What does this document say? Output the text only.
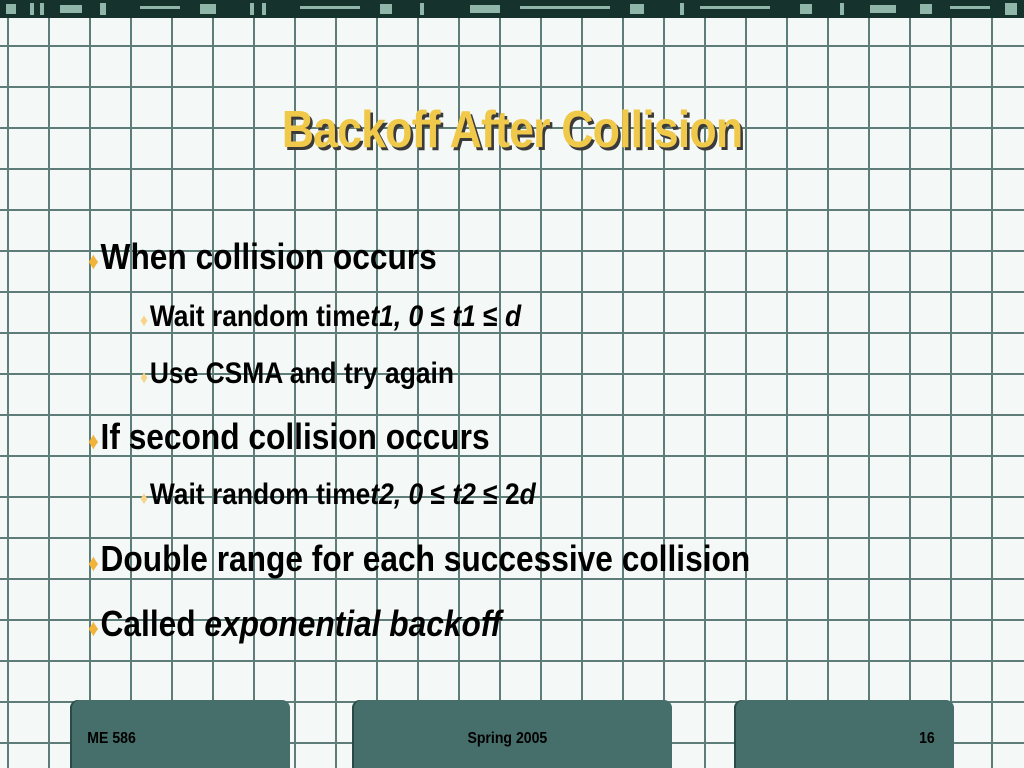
Backoff After Collision
♦ When collision occurs
♦ Wait random time t1, 0 ≤ t1 ≤ d
♦ Use CSMA and try again
♦ If second collision occurs
♦ Wait random time t2, 0 ≤ t2 ≤ 2 d
♦ Double range for each successive collision
♦ Called exponential backoff
ME 586	Spring 2005	16
